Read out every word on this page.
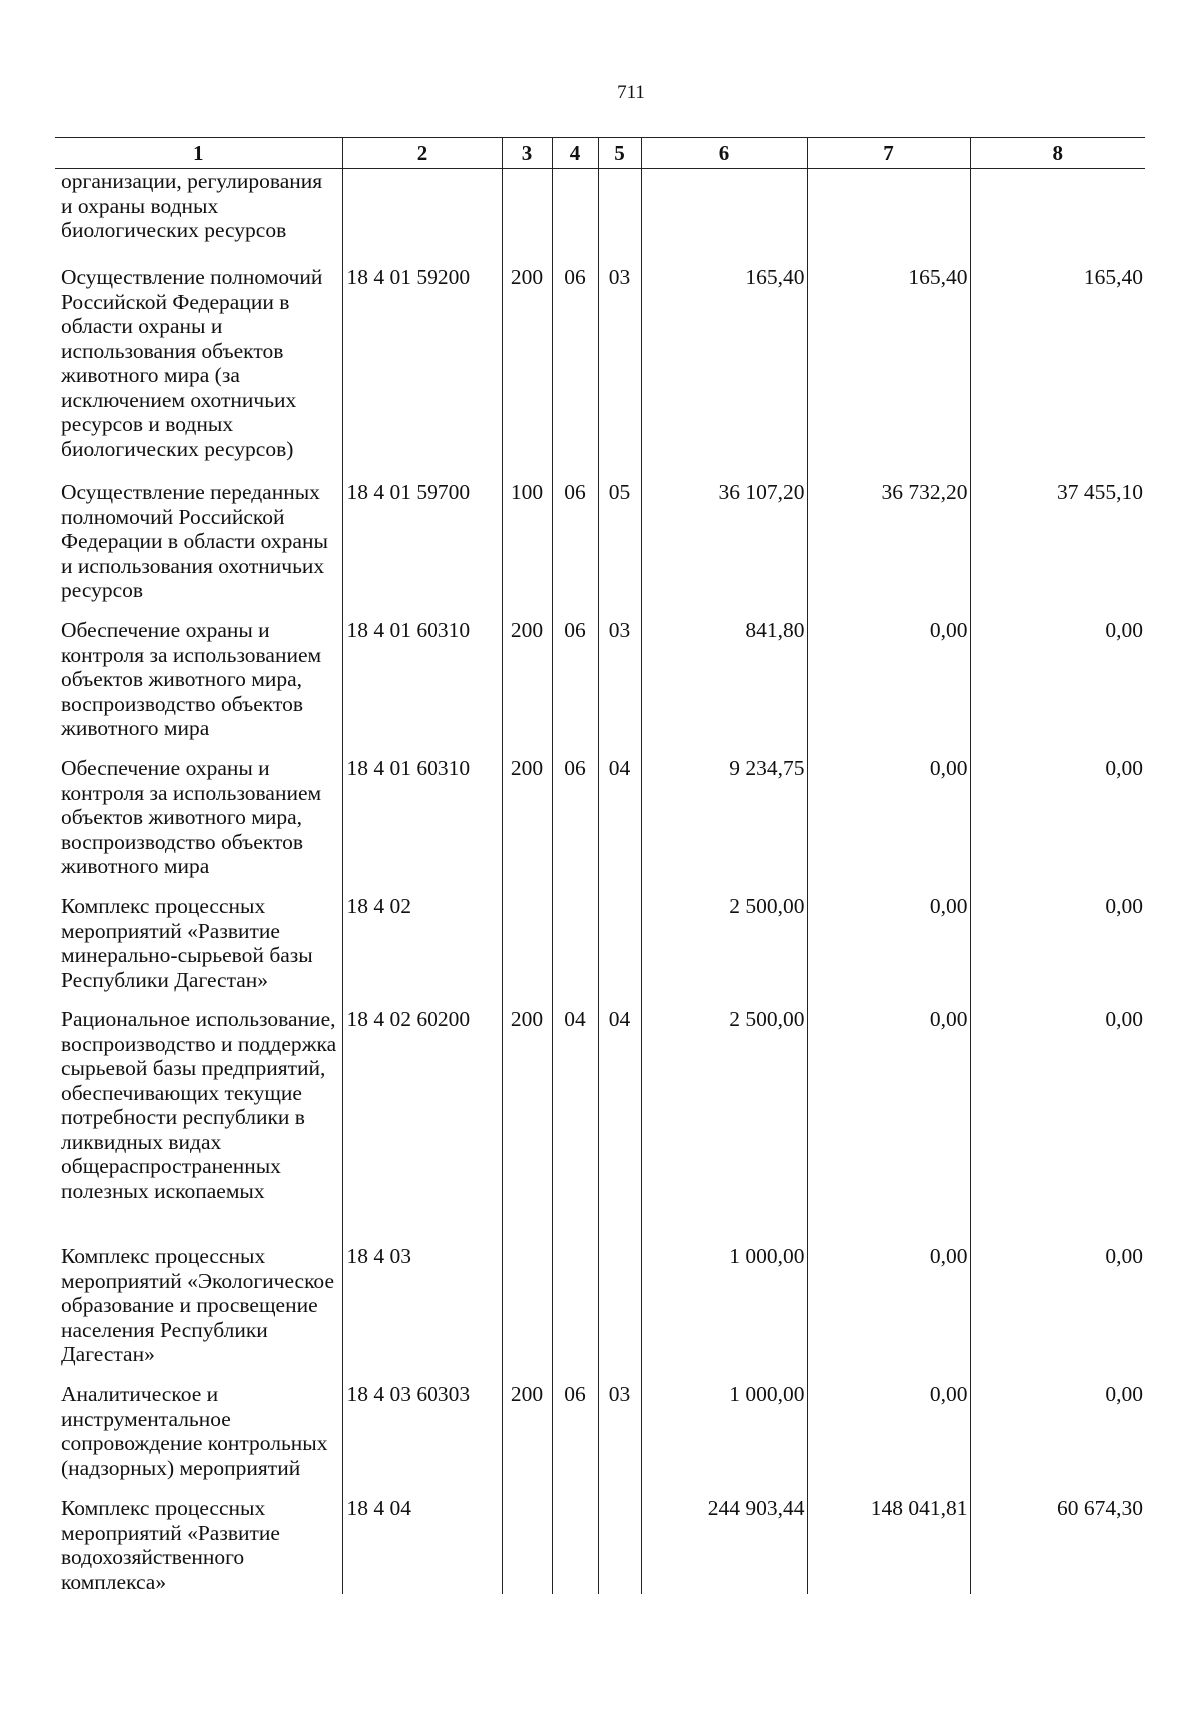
711
1	2	3	4	5	6	7	8
организации, регулирования и охраны водных биологических ресурсов							
Осуществление полномочий Российской Федерации в области охраны и использования объектов животного мира (за исключением охотничьих ресурсов и водных биологических ресурсов)	18 4 01 59200	200	06	03	165,40	165,40	165,40
Осуществление переданных полномочий Российской Федерации в области охраны и использования охотничьих ресурсов	18 4 01 59700	100	06	05	36 107,20	36 732,20	37 455,10
Обеспечение охраны и контроля за использованием объектов животного мира, воспроизводство объектов животного мира	18 4 01 60310	200	06	03	841,80	0,00	0,00
Обеспечение охраны и контроля за использованием объектов животного мира, воспроизводство объектов животного мира	18 4 01 60310	200	06	04	9 234,75	0,00	0,00
Комплекс процессных мероприятий «Развитие минерально-сырьевой базы Республики Дагестан»	18 4 02				2 500,00	0,00	0,00
Рациональное использование, воспроизводство и поддержка сырьевой базы предприятий, обеспечивающих текущие потребности республики в ликвидных видах общераспространенных полезных ископаемых	18 4 02 60200	200	04	04	2 500,00	0,00	0,00
Комплекс процессных мероприятий «Экологическое образование и просвещение населения Республики Дагестан»	18 4 03				1 000,00	0,00	0,00
Аналитическое и инструментальное сопровождение контрольных (надзорных) мероприятий	18 4 03 60303	200	06	03	1 000,00	0,00	0,00
Комплекс процессных мероприятий «Развитие водохозяйственного комплекса»	18 4 04				244 903,44	148 041,81	60 674,30
